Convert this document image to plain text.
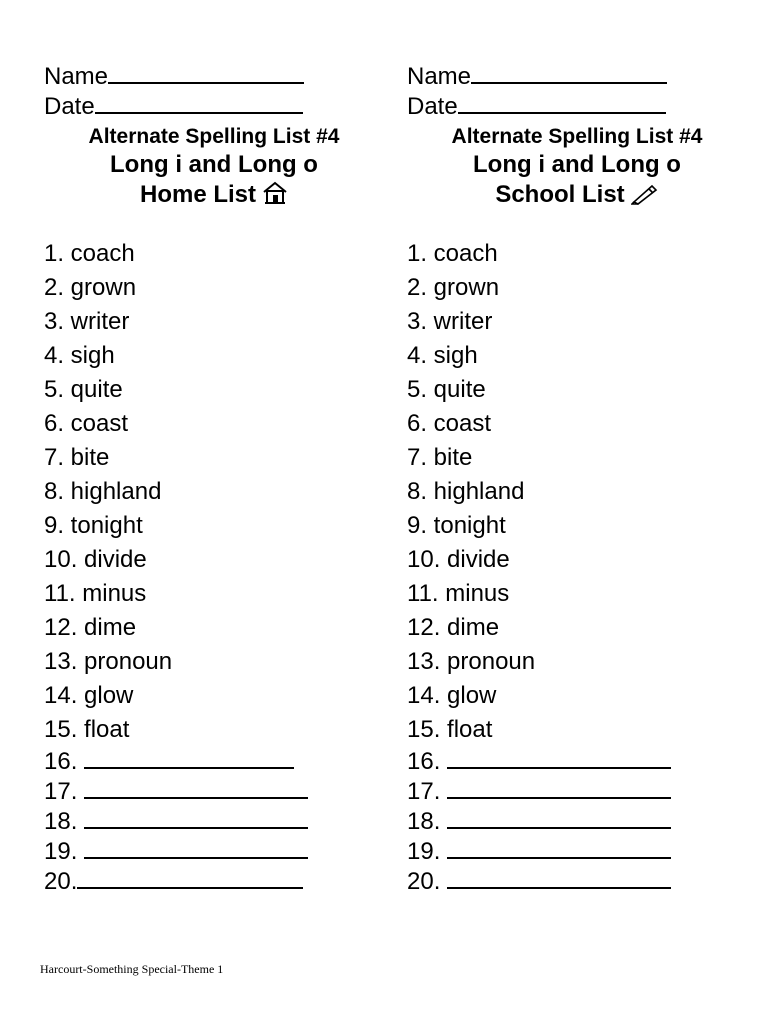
Name
Date
Alternate Spelling List #4
Long i and Long o
Home List
1. coach
2. grown
3. writer
4. sigh
5. quite
6. coast
7. bite
8. highland
9. tonight
10. divide
11. minus
12. dime
13. pronoun
14. glow
15. float
16.
17.
18.
19.
20.
Name
Date
Alternate Spelling List #4
Long i and Long o
School List
1. coach
2. grown
3. writer
4. sigh
5. quite
6. coast
7. bite
8. highland
9. tonight
10. divide
11. minus
12. dime
13. pronoun
14. glow
15. float
16.
17.
18.
19.
20.
Harcourt-Something Special-Theme 1
